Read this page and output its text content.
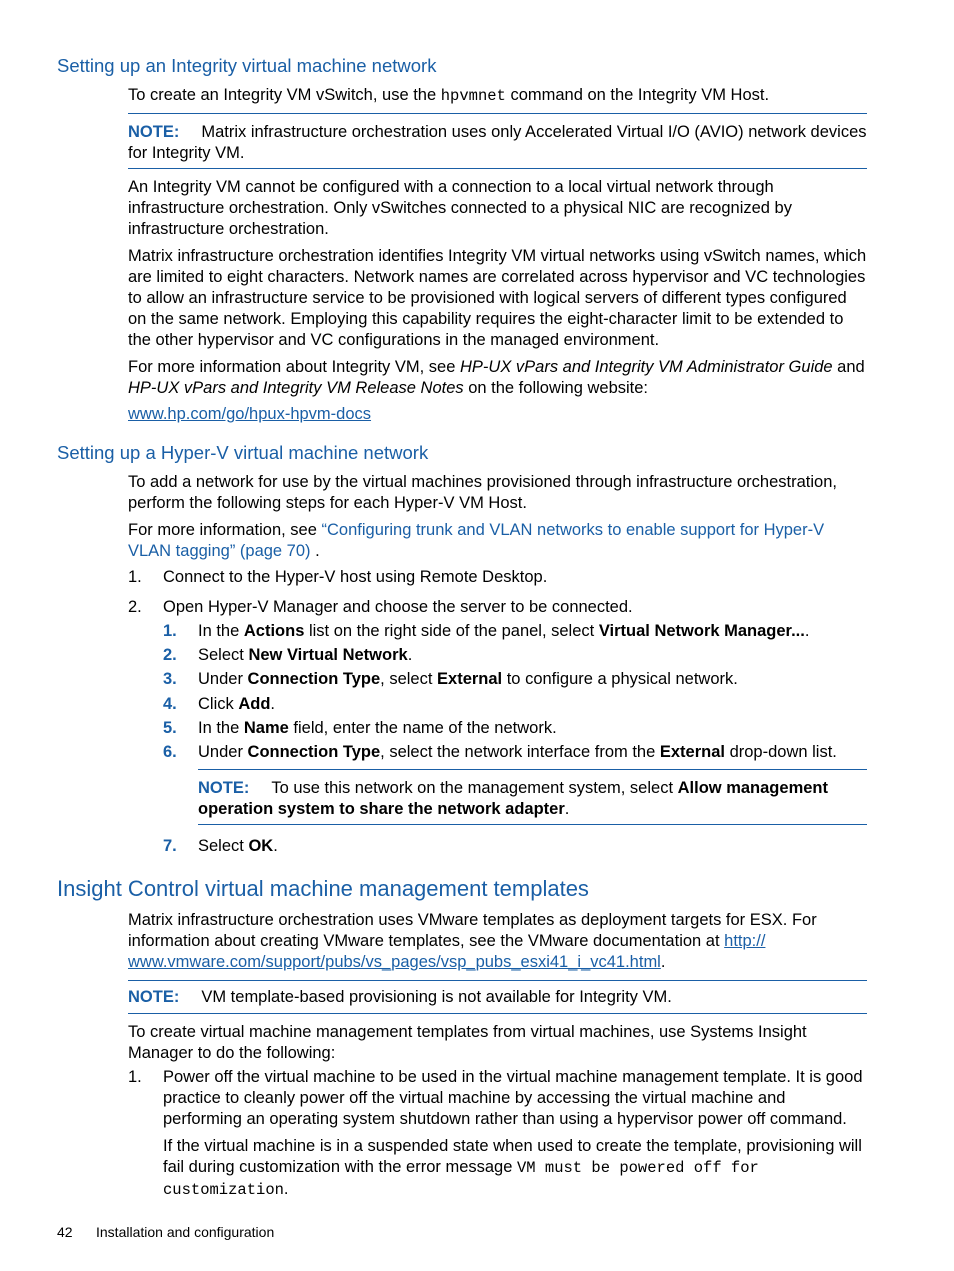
Setting up an Integrity virtual machine network

To create an Integrity VM vSwitch, use the hpvmnet command on the Integrity VM Host.

NOTE: Matrix infrastructure orchestration uses only Accelerated Virtual I/O (AVIO) network devices for Integrity VM.

An Integrity VM cannot be configured with a connection to a local virtual network through infrastructure orchestration. Only vSwitches connected to a physical NIC are recognized by infrastructure orchestration.

Matrix infrastructure orchestration identifies Integrity VM virtual networks using vSwitch names, which are limited to eight characters. Network names are correlated across hypervisor and VC technologies to allow an infrastructure service to be provisioned with logical servers of different types configured on the same network. Employing this capability requires the eight-character limit to be extended to the other hypervisor and VC configurations in the managed environment.

For more information about Integrity VM, see HP-UX vPars and Integrity VM Administrator Guide and HP-UX vPars and Integrity VM Release Notes on the following website:

www.hp.com/go/hpux-hpvm-docs

Setting up a Hyper-V virtual machine network

To add a network for use by the virtual machines provisioned through infrastructure orchestration, perform the following steps for each Hyper-V VM Host.

For more information, see “Configuring trunk and VLAN networks to enable support for Hyper-V VLAN tagging” (page 70) .

1.	Connect to the Hyper-V host using Remote Desktop.

2.	Open Hyper-V Manager and choose the server to be connected.

1.	In the Actions list on the right side of the panel, select Virtual Network Manager....

2.	Select New Virtual Network.

3.	Under Connection Type, select External to configure a physical network.

4.	Click Add.

5.	In the Name field, enter the name of the network.

6.	Under Connection Type, select the network interface from the External drop-down list.

NOTE: To use this network on the management system, select Allow management operation system to share the network adapter.
7.	Select OK.

Insight Control virtual machine management templates

Matrix infrastructure orchestration uses VMware templates as deployment targets for ESX. For information about creating VMware templates, see the VMware documentation at http:// www.vmware.com/support/pubs/vs_pages/vsp_pubs_esxi41_i_vc41.html.

NOTE: VM template-based provisioning is not available for Integrity VM.

To create virtual machine management templates from virtual machines, use Systems Insight Manager to do the following:

1.	Power off the virtual machine to be used in the virtual machine management template. It is good practice to cleanly power off the virtual machine by accessing the virtual machine and performing an operating system shutdown rather than using a hypervisor power off command.

If the virtual machine is in a suspended state when used to create the template, provisioning will fail during customization with the error message VM must be powered off for customization.

42 Installation and configuration
